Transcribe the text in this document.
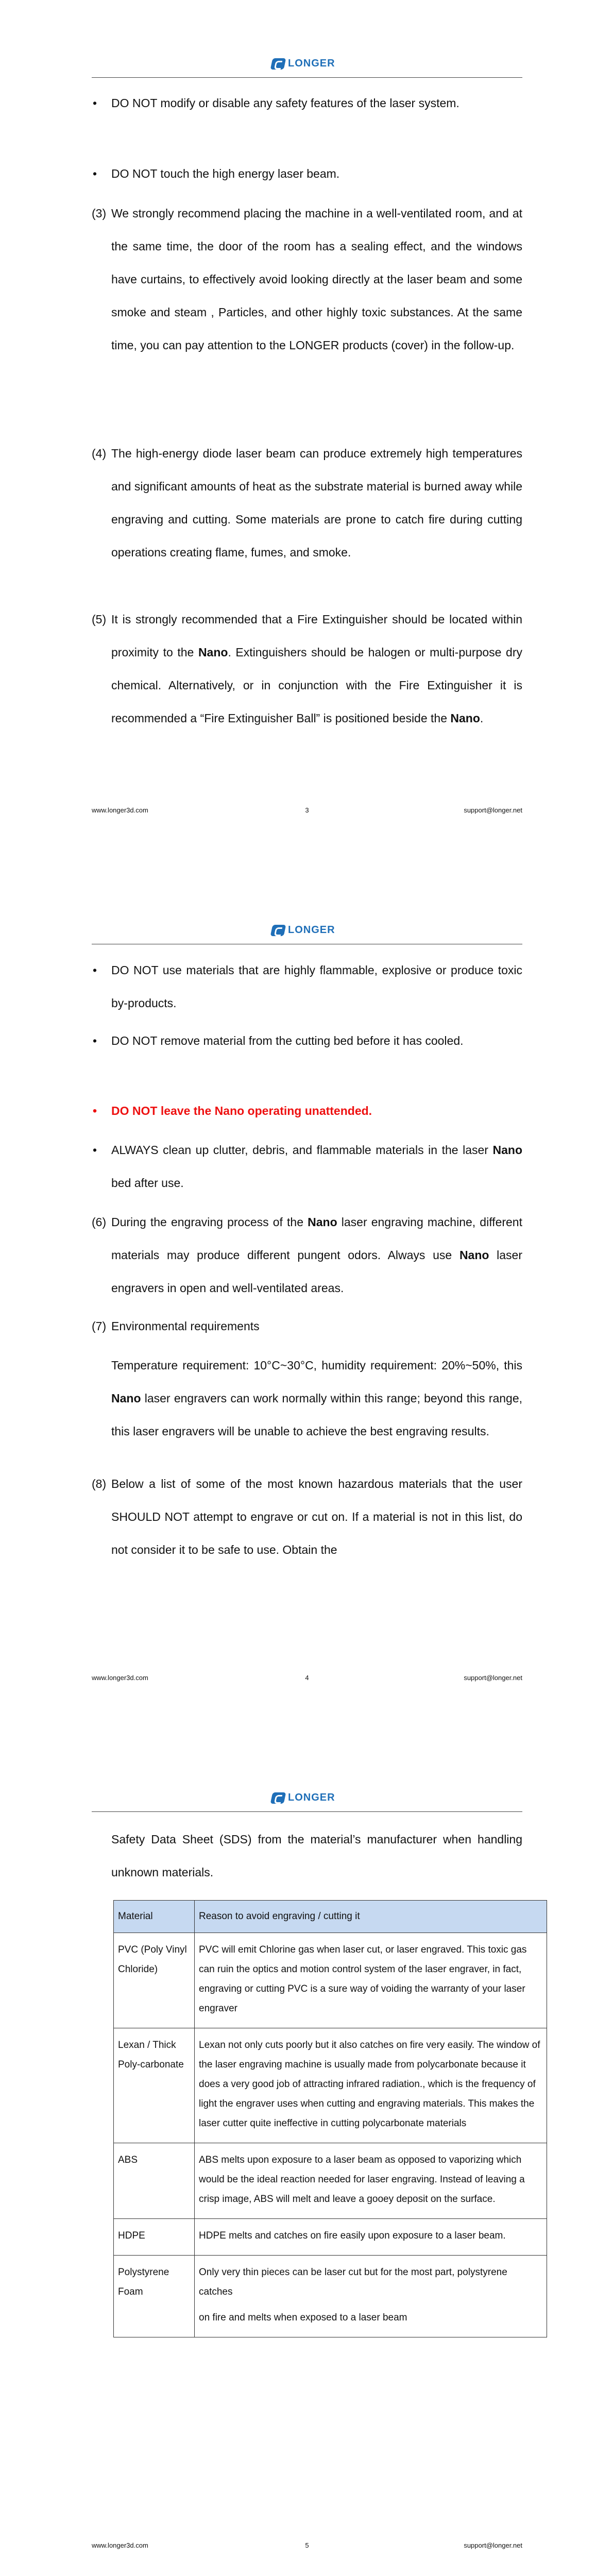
LONGER
• DO NOT modify or disable any safety features of the laser system.
• DO NOT touch the high energy laser beam.
(3) We strongly recommend placing the machine in a well-ventilated room, and at the same time, the door of the room has a sealing effect, and the windows have curtains, to effectively avoid looking directly at the laser beam and some smoke and steam , Particles, and other highly toxic substances. At the same time, you can pay attention to the LONGER products (cover) in the follow-up.
(4) The high-energy diode laser beam can produce extremely high temperatures and significant amounts of heat as the substrate material is burned away while engraving and cutting. Some materials are prone to catch fire during cutting operations creating flame, fumes, and smoke.
(5) It is strongly recommended that a Fire Extinguisher should be located within proximity to the Nano. Extinguishers should be halogen or multi-purpose dry chemical. Alternatively, or in conjunction with the Fire Extinguisher it is recommended a “Fire Extinguisher Ball” is positioned beside the Nano.
www.longer3d.com	3	support@longer.net
LONGER
• DO NOT use materials that are highly flammable, explosive or produce toxic by-products.
• DO NOT remove material from the cutting bed before it has cooled.
• DO NOT leave the Nano operating unattended.
• ALWAYS clean up clutter, debris, and flammable materials in the laser Nano bed after use.
(6) During the engraving process of the Nano laser engraving machine, different materials may produce different pungent odors. Always use Nano laser engravers in open and well-ventilated areas.
(7) Environmental requirements
Temperature requirement: 10°C~30°C, humidity requirement: 20%~50%, this Nano laser engravers can work normally within this range; beyond this range, this laser engravers will be unable to achieve the best engraving results.
(8) Below a list of some of the most known hazardous materials that the user SHOULD NOT attempt to engrave or cut on. If a material is not in this list, do not consider it to be safe to use. Obtain the
www.longer3d.com	4	support@longer.net
LONGER
Safety Data Sheet (SDS) from the material’s manufacturer when handling unknown materials.
Material	Reason to avoid engraving / cutting it
PVC (Poly Vinyl Chloride)	PVC will emit Chlorine gas when laser cut, or laser engraved. This toxic gas can ruin the optics and motion control system of the laser engraver, in fact, engraving or cutting PVC is a sure way of voiding the warranty of your laser engraver
Lexan / Thick Poly-carbonate	Lexan not only cuts poorly but it also catches on fire very easily. The window of the laser engraving machine is usually made from polycarbonate because it does a very good job of attracting infrared radiation., which is the frequency of light the engraver uses when cutting and engraving materials. This makes the laser cutter quite ineffective in cutting polycarbonate materials
ABS	ABS melts upon exposure to a laser beam as opposed to vaporizing which would be the ideal reaction needed for laser engraving. Instead of leaving a crisp image, ABS will melt and leave a gooey deposit on the surface.
HDPE	HDPE melts and catches on fire easily upon exposure to a laser beam.
Polystyrene Foam	Only very thin pieces can be laser cut but for the most part, polystyrene catches
on fire and melts when exposed to a laser beam
www.longer3d.com	5	support@longer.net
